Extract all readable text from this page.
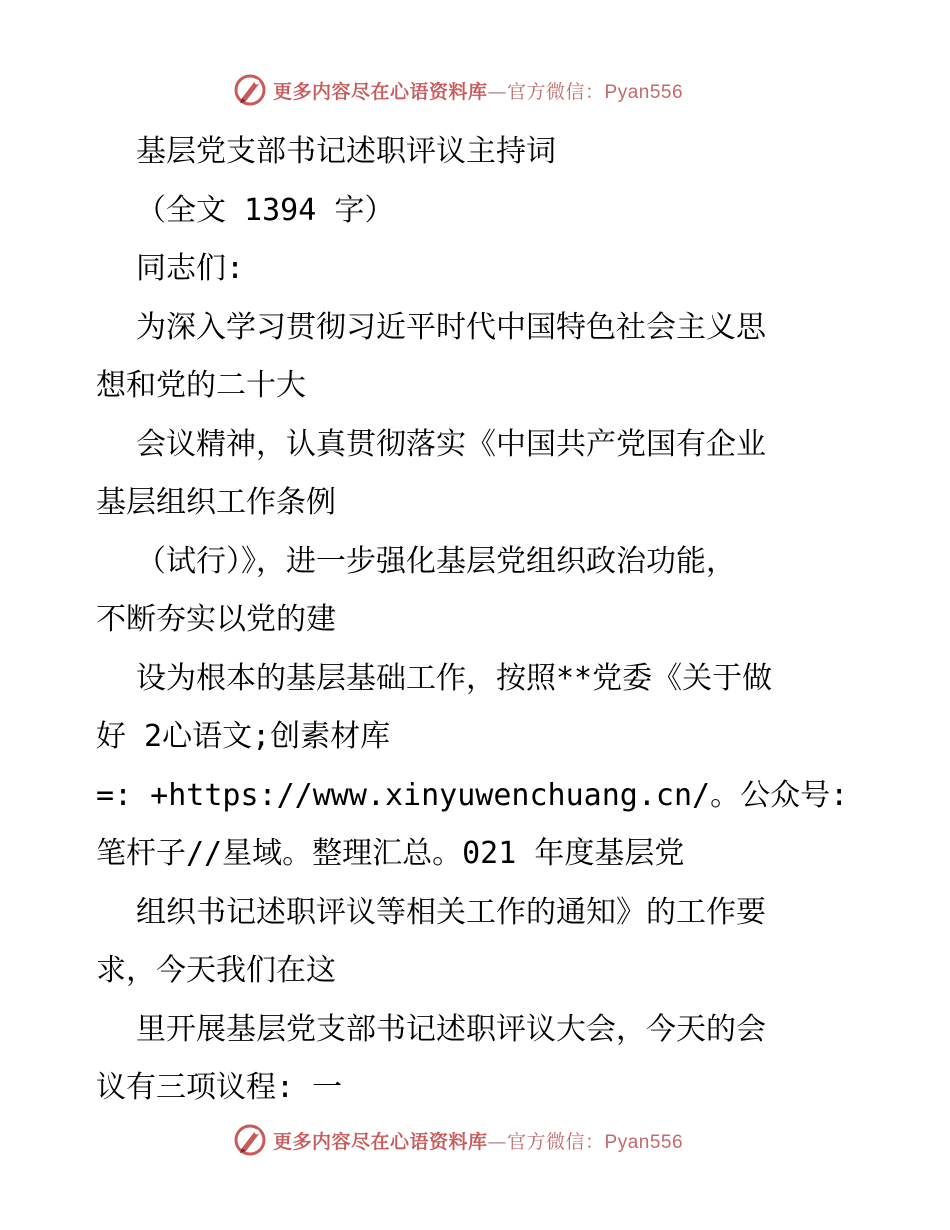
更多内容尽在心语资料库—官方微信：Pyan556
基层党支部书记述职评议主持词
（全文 1394 字）
同志们:
为深入学习贯彻习近平时代中国特色社会主义思
想和党的二十大
会议精神，认真贯彻落实《中国共产党国有企业
基层组织工作条例
（试行）》，进一步强化基层党组织政治功能，
不断夯实以党的建
设为根本的基层基础工作，按照**党委《关于做
好 2心语文;创素材库
=: +https://www.xinyuwenchuang.cn/。公众号:
笔杆子//星域。整理汇总。021 年度基层党
组织书记述职评议等相关工作的通知》的工作要
求，今天我们在这
里开展基层党支部书记述职评议大会，今天的会
议有三项议程: 一
更多内容尽在心语资料库—官方微信：Pyan556
